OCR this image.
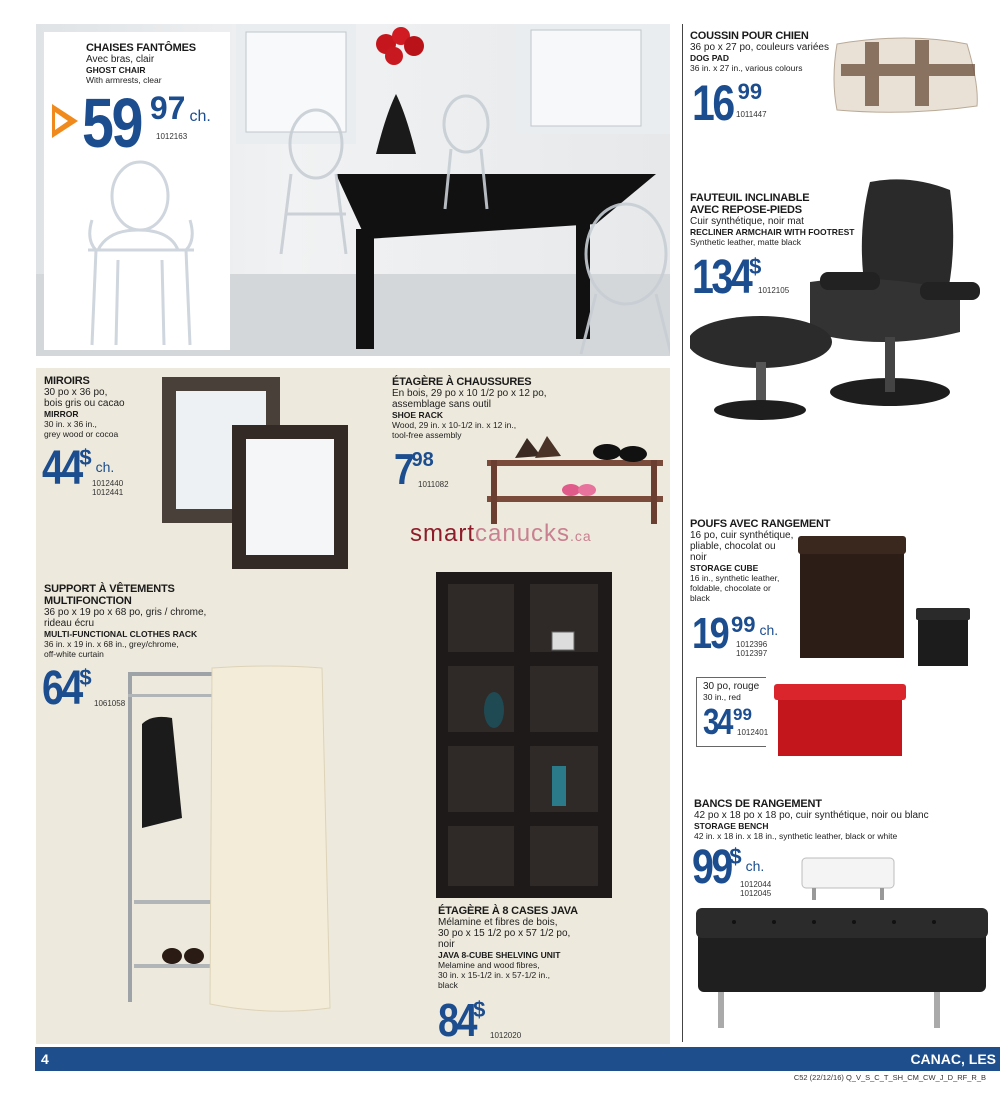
CHAISES FANTÔMES
Avec bras, clair
GHOST CHAIR
With armrests, clear
59 97 ch.
1012163
COUSSIN POUR CHIEN
36 po x 27 po, couleurs variées
DOG PAD
36 in. x 27 in., various colours
16 99
1011447
FAUTEUIL INCLINABLE
AVEC REPOSE-PIEDS
Cuir synthétique, noir mat
RECLINER ARMCHAIR WITH FOOTREST
Synthetic leather, matte black
134
$
1012105
POUFS AVEC RANGEMENT
16 po, cuir synthétique,
pliable, chocolat ou
noir
STORAGE CUBE
16 in., synthetic leather,
foldable, chocolate or
black
19 99 ch.
1012396
1012397
30 po, rouge
30 in., red
34 99
1012401
BANCS DE RANGEMENT
42 po x 18 po x 18 po, cuir synthétique, noir ou blanc
STORAGE BENCH
42 in. x 18 in. x 18 in., synthetic leather, black or white
99
$ ch.
1012044
1012045
MIROIRS
30 po x 36 po,
bois gris ou cacao
MIRROR
30 in. x 36 in.,
grey wood or cocoa
44
$ ch.
1012440
1012441
ÉTAGÈRE À CHAUSSURES
En bois, 29 po x 10 1/2 po x 12 po,
assemblage sans outil
SHOE RACK
Wood, 29 in. x 10-1/2 in. x 12 in.,
tool-free assembly
7 98
1011082
smartcanucks.ca
SUPPORT À VÊTEMENTS
MULTIFONCTION
36 po x 19 po x 68 po, gris / chrome,
rideau écru
MULTI-FUNCTIONAL CLOTHES RACK
36 in. x 19 in. x 68 in., grey/chrome,
off-white curtain
64
$
1061058
ÉTAGÈRE À 8 CASES JAVA
Mélamine et fibres de bois,
30 po x 15 1/2 po x 57 1/2 po,
noir
JAVA 8-CUBE SHELVING UNIT
Melamine and wood fibres,
30 in. x 15-1/2 in. x 57-1/2 in.,
black
84
$
1012020
4	CANAC, LES
C52 (22/12/16) Q_V_S_C_T_SH_CM_CW_J_D_RF_R_B
